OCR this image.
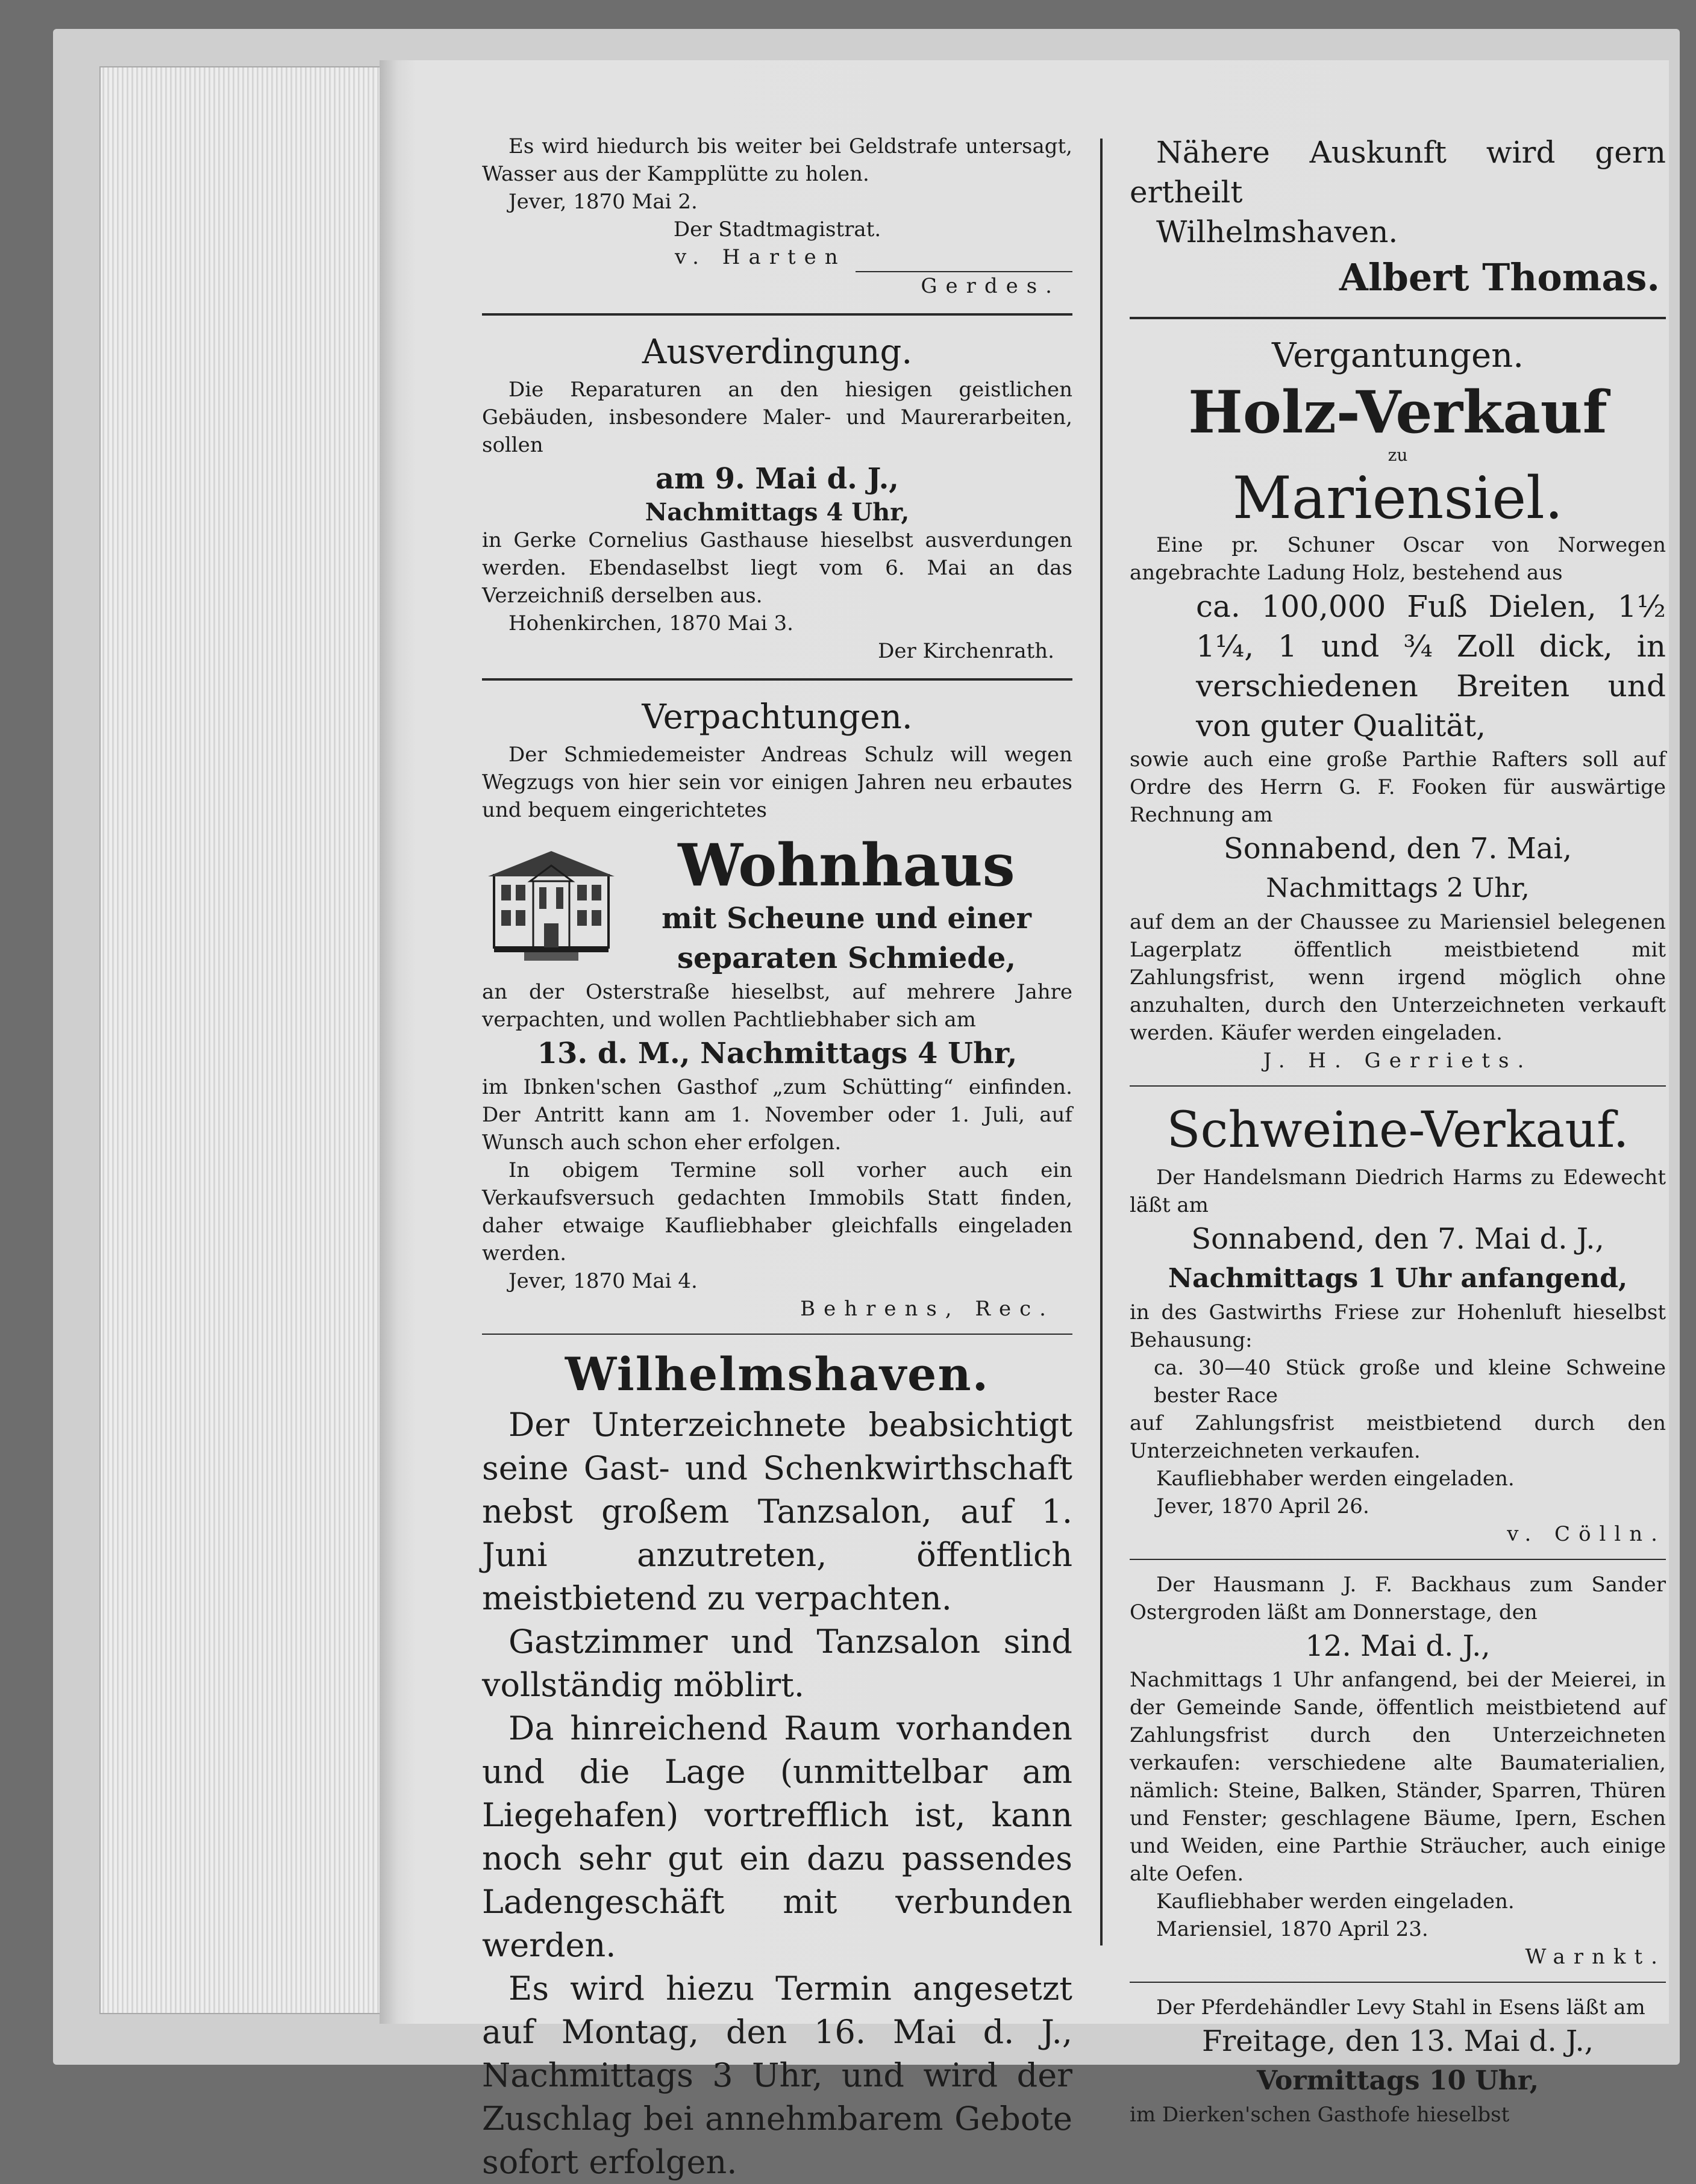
Es wird hiedurch bis weiter bei Geldstrafe untersagt, Wasser aus der Kampplütte zu holen.

Jever, 1870 Mai 2.

Der Stadtmagistrat.

v. Harten

Gerdes.

Ausverdingung.

Die Reparaturen an den hiesigen geistlichen Gebäuden, insbesondere Maler- und Maurerarbeiten, sollen

am 9. Mai d. J.,

Nachmittags 4 Uhr,

in Gerke Cornelius Gasthause hieselbst ausverdungen werden. Ebendaselbst liegt vom 6. Mai an das Verzeichniß derselben aus.

Hohenkirchen, 1870 Mai 3.

Der Kirchenrath.

Verpachtungen.

Der Schmiedemeister Andreas Schulz will wegen Wegzugs von hier sein vor einigen Jahren neu erbautes und bequem eingerichtetes

Wohnhaus

mit Scheune und einer

separaten Schmiede,

an der Osterstraße hieselbst, auf mehrere Jahre verpachten, und wollen Pachtliebhaber sich am

13. d. M., Nachmittags 4 Uhr,

im Ibnken'schen Gasthof „zum Schütting“ einfinden. Der Antritt kann am 1. November oder 1. Juli, auf Wunsch auch schon eher erfolgen.

In obigem Termine soll vorher auch ein Verkaufsversuch gedachten Immobils Statt finden, daher etwaige Kaufliebhaber gleichfalls eingeladen werden.

Jever, 1870 Mai 4.

Behrens, Rec.

Wilhelmshaven.

Der Unterzeichnete beabsichtigt seine Gast- und Schenkwirthschaft nebst großem Tanzsalon, auf 1. Juni anzutreten, öffentlich meistbietend zu verpachten.

Gastzimmer und Tanzsalon sind vollständig möblirt.

Da hinreichend Raum vorhanden und die Lage (unmittelbar am Liegehafen) vortrefflich ist, kann noch sehr gut ein dazu passendes Ladengeschäft mit verbunden werden.

Es wird hiezu Termin angesetzt auf Montag, den 16. Mai d. J., Nachmittags 3 Uhr, und wird der Zuschlag bei annehmbarem Gebote sofort erfolgen.

Nähere Auskunft wird gern ertheilt

Wilhelmshaven.

Albert Thomas.

Vergantungen.

Holz-Verkauf

zu

Mariensiel.

Eine pr. Schuner Oscar von Norwegen angebrachte Ladung Holz, bestehend aus

ca. 100,000 Fuß Dielen, 1½ 1¼, 1 und ¾ Zoll dick, in verschiedenen Breiten und von guter Qualität,

sowie auch eine große Parthie Rafters soll auf Ordre des Herrn G. F. Fooken für auswärtige Rechnung am

Sonnabend, den 7. Mai,

Nachmittags 2 Uhr,

auf dem an der Chaussee zu Mariensiel belegenen Lagerplatz öffentlich meistbietend mit Zahlungsfrist, wenn irgend möglich ohne anzuhalten, durch den Unterzeichneten verkauft werden. Käufer werden eingeladen.

J. H. Gerriets.

Schweine-Verkauf.

Der Handelsmann Diedrich Harms zu Edewecht läßt am

Sonnabend, den 7. Mai d. J.,

Nachmittags 1 Uhr anfangend,

in des Gastwirths Friese zur Hohenluft hieselbst Behausung:

ca. 30—40 Stück große und kleine Schweine bester Race

auf Zahlungsfrist meistbietend durch den Unterzeichneten verkaufen.

Kaufliebhaber werden eingeladen.

Jever, 1870 April 26.

v. Cölln.

Der Hausmann J. F. Backhaus zum Sander Ostergroden läßt am Donnerstage, den

12. Mai d. J.,

Nachmittags 1 Uhr anfangend, bei der Meierei, in der Gemeinde Sande, öffentlich meistbietend auf Zahlungsfrist durch den Unterzeichneten verkaufen: verschiedene alte Baumaterialien, nämlich: Steine, Balken, Ständer, Sparren, Thüren und Fenster; geschlagene Bäume, Ipern, Eschen und Weiden, eine Parthie Sträucher, auch einige alte Oefen.

Kaufliebhaber werden eingeladen.

Mariensiel, 1870 April 23.

Warnkt.

Der Pferdehändler Levy Stahl in Esens läßt am

Freitage, den 13. Mai d. J.,

Vormittags 10 Uhr,

im Dierken'schen Gasthofe hieselbst
